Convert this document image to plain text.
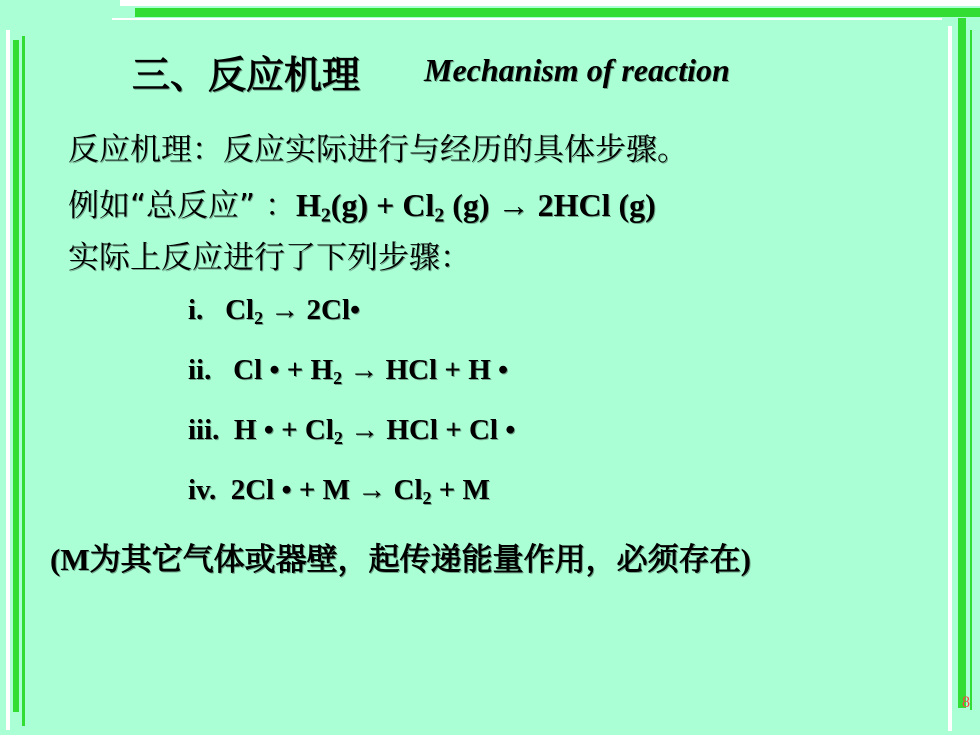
三、反应机理 Mechanism of reaction
反应机理：反应实际进行与经历的具体步骤。
例如“总反应” ：$H_2(g) + Cl_2$ (g) → 2HCl (g)
实际上反应进行了下列步骤：
i. $Cl_2$ → 2Cl•
ii. Cl • + $H_2$ → HCl + H •
iii. H • + $Cl_2$ → HCl + Cl •
iv. 2Cl • + $M \to Cl_2 + M$
(M为其它气体或器壁，起传递能量作用，必须存在)
8
